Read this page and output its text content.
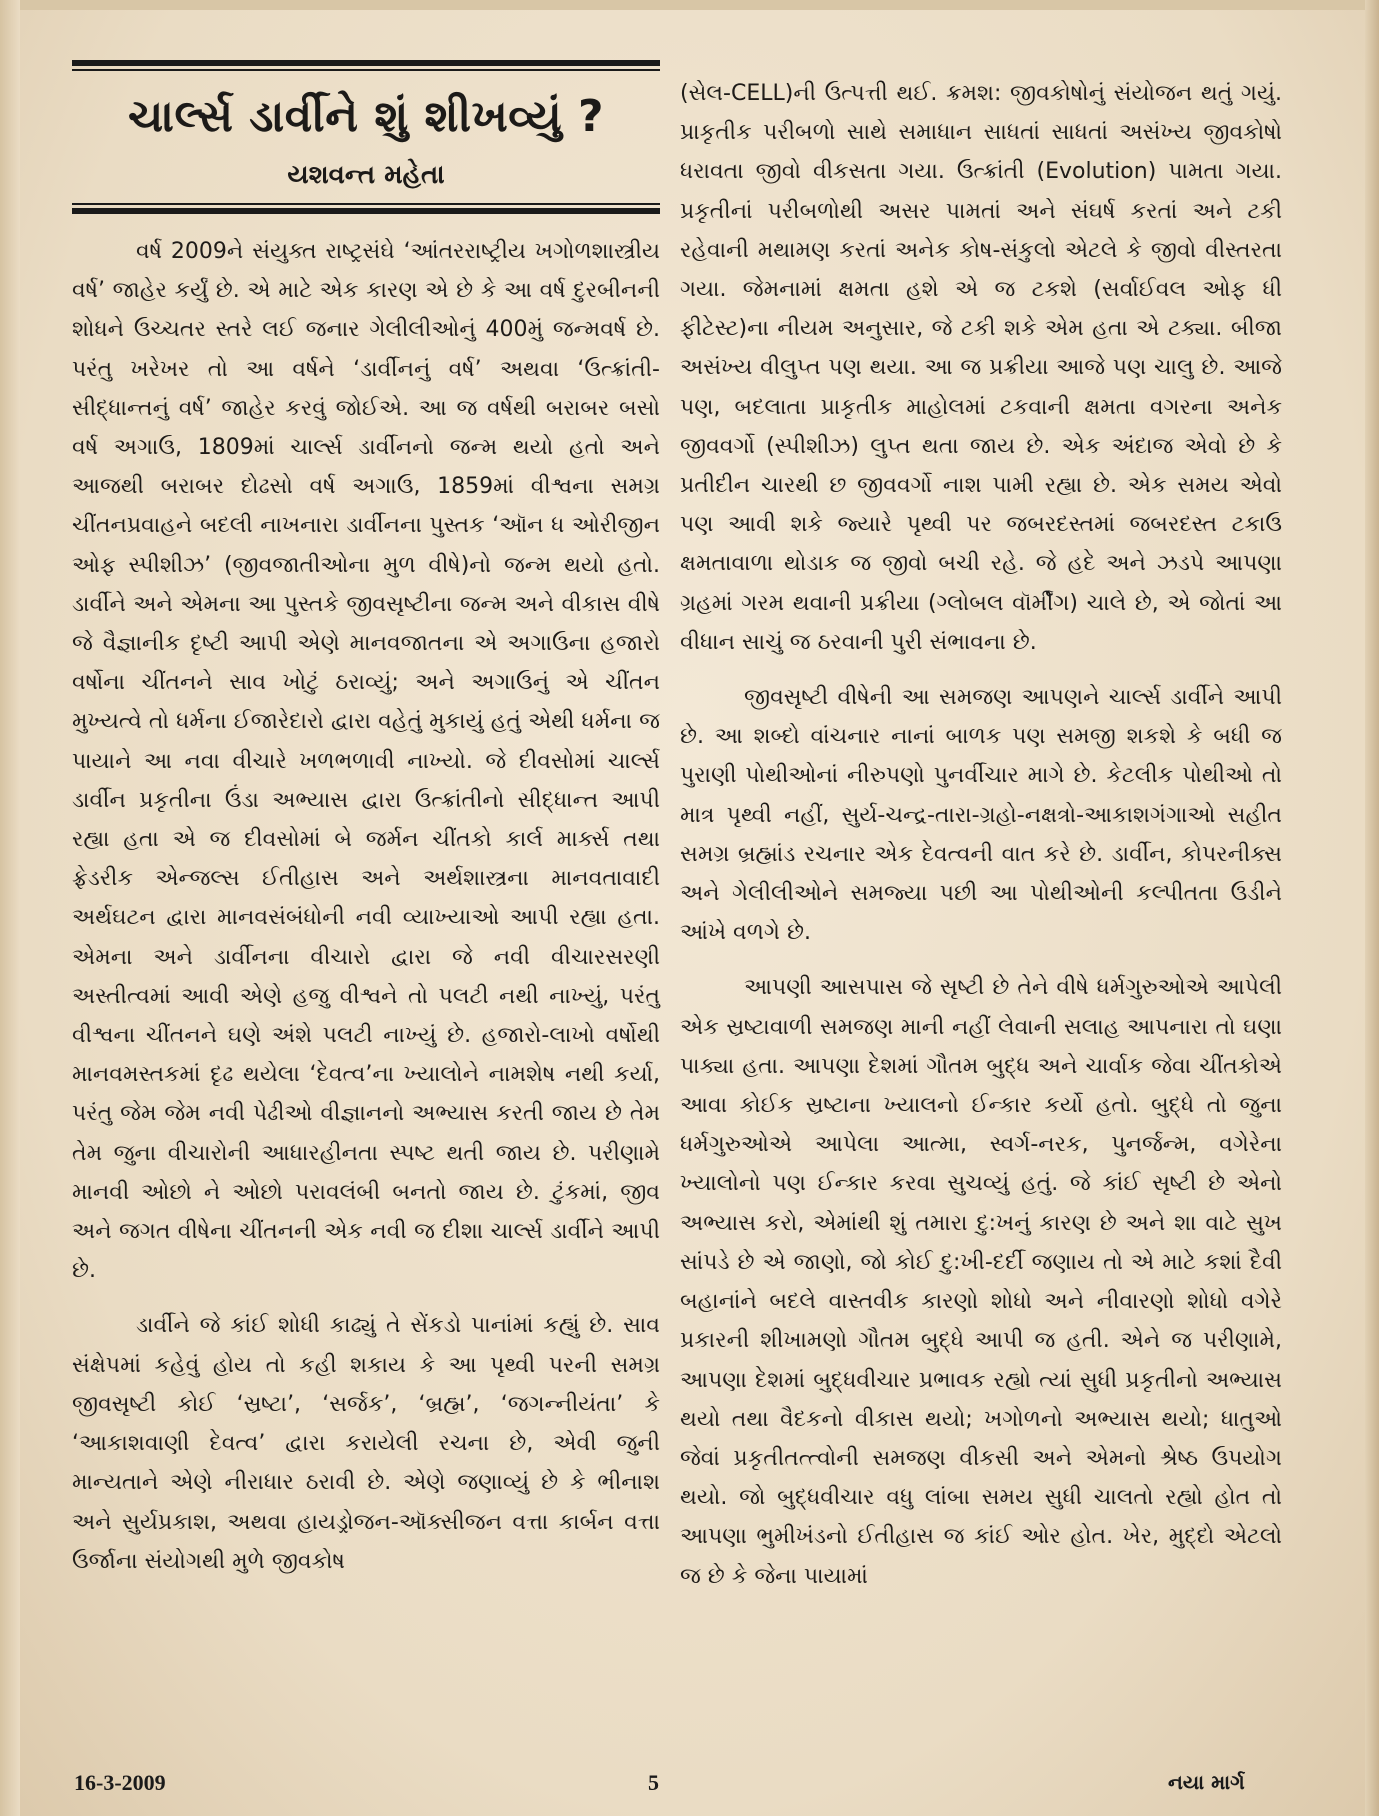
ચાર્લ્સ ડાર્વીને શું શીખવ્યું ?
યશવન્ત મહેતા

વર્ષ 2009ને સંયુક્ત રાષ્ટ્રસંઘે ‘આંતરરાષ્ટ્રીય ખગોળશાસ્ત્રીય વર્ષ’ જાહેર કર્યું છે. એ માટે એક કારણ એ છે કે આ વર્ષ દુરબીનની શોધને ઉચ્ચતર સ્તરે લઈ જનાર ગેલીલીઓનું 400મું જન્મવર્ષ છે. પરંતુ ખરેખર તો આ વર્ષને ‘ડાર્વીનનું વર્ષ’ અથવા ‘ઉત્ક્રાંતી-સીદ્ધાન્તનું વર્ષ’ જાહેર કરવું જોઈએ. આ જ વર્ષથી બરાબર બસો વર્ષ અગાઉ, 1809માં ચાર્લ્સ ડાર્વીનનો જન્મ થયો હતો અને આજથી બરાબર દોઢસો વર્ષ અગાઉ, 1859માં વીશ્વના સમગ્ર ચીંતનપ્રવાહને બદલી નાખનારા ડાર્વીનના પુસ્તક ‘ઑન ધ ઓરીજીન ઓફ સ્પીશીઝ’ (જીવજાતીઓના મુળ વીષે)નો જન્મ થયો હતો. ડાર્વીને અને એમના આ પુસ્તકે જીવસૃષ્ટીના જન્મ અને વીકાસ વીષે જે વૈજ્ઞાનીક દૃષ્ટી આપી એણે માનવજાતના એ અગાઉના હજારો વર્ષોના ચીંતનને સાવ ખોટું ઠરાવ્યું; અને અગાઉનું એ ચીંતન મુખ્યત્વે તો ધર્મના ઈજારેદારો દ્વારા વહેતું મુકાયું હતું એથી ધર્મના જ પાયાને આ નવા વીચારે ખળભળાવી નાખ્યો. જે દીવસોમાં ચાર્લ્સ ડાર્વીન પ્રકૃતીના ઉંડા અભ્યાસ દ્વારા ઉત્ક્રાંતીનો સીદ્ધાન્ત આપી રહ્યા હતા એ જ દીવસોમાં બે જર્મન ચીંતકો કાર્લ માર્ક્સ તથા ફ્રેડરીક એન્જલ્સ ઈતીહાસ અને અર્થશાસ્ત્રના માનવતાવાદી અર્થઘટન દ્વારા માનવસંબંધોની નવી વ્યાખ્યાઓ આપી રહ્યા હતા. એમના અને ડાર્વીનના વીચારો દ્વારા જે નવી વીચારસરણી અસ્તીત્વમાં આવી એણે હજુ વીશ્વને તો પલટી નથી નાખ્યું, પરંતુ વીશ્વના ચીંતનને ઘણે અંશે પલટી નાખ્યું છે. હજારો-લાખો વર્ષોથી માનવમસ્તકમાં દૃઢ થયેલા ‘દેવત્વ’ના ખ્યાલોને નામશેષ નથી કર્યા, પરંતુ જેમ જેમ નવી પેઢીઓ વીજ્ઞાનનો અભ્યાસ કરતી જાય છે તેમ તેમ જુના વીચારોની આધારહીનતા સ્પષ્ટ થતી જાય છે. પરીણામે માનવી ઓછો ને ઓછો પરાવલંબી બનતો જાય છે. ટુંકમાં, જીવ અને જગત વીષેના ચીંતનની એક નવી જ દીશા ચાર્લ્સ ડાર્વીને આપી છે.

ડાર્વીને જે કાંઈ શોધી કાઢ્યું તે સેંકડો પાનાંમાં કહ્યું છે. સાવ સંક્ષેપમાં કહેવું હોય તો કહી શકાય કે આ પૃથ્વી પરની સમગ્ર જીવસૃષ્ટી કોઈ ‘સ્રષ્ટા’, ‘સર્જક’, ‘બ્રહ્મ’, ‘જગન્નીયંતા’ કે ‘આકાશવાણી દેવત્વ’ દ્વારા કરાયેલી રચના છે, એવી જુની માન્યતાને એણે નીરાધાર ઠરાવી છે. એણે જણાવ્યું છે કે ભીનાશ અને સુર્યપ્રકાશ, અથવા હાયડ્રોજન-ઑક્સીજન વત્તા કાર્બન વત્તા ઉર્જાના સંયોગથી મુળે જીવકોષ

(સેલ-CELL)ની ઉત્પત્તી થઈ. ક્રમશ: જીવકોષોનું સંયોજન થતું ગયું. પ્રાકૃતીક પરીબળો સાથે સમાધાન સાધતાં સાધતાં અસંખ્ય જીવકોષો ધરાવતા જીવો વીકસતા ગયા. ઉત્ક્રાંતી (Evolution) પામતા ગયા. પ્રકૃતીનાં પરીબળોથી અસર પામતાં અને સંઘર્ષ કરતાં અને ટકી રહેવાની મથામણ કરતાં અનેક કોષ-સંકુલો એટલે કે જીવો વીસ્તરતા ગયા. જેમનામાં ક્ષમતા હશે એ જ ટકશે (સર્વાઈવલ ઓફ ધી ફીટેસ્ટ)ના નીયમ અનુસાર, જે ટકી શકે એમ હતા એ ટક્યા. બીજા અસંખ્ય વીલુપ્ત પણ થયા. આ જ પ્રક્રીયા આજે પણ ચાલુ છે. આજે પણ, બદલાતા પ્રાકૃતીક માહોલમાં ટકવાની ક્ષમતા વગરના અનેક જીવવર્ગો (સ્પીશીઝ) લુપ્ત થતા જાય છે. એક અંદાજ એવો છે કે પ્રતીદીન ચારથી છ જીવવર્ગો નાશ પામી રહ્યા છે. એક સમય એવો પણ આવી શકે જ્યારે પૃથ્વી પર જબરદસ્તમાં જબરદસ્ત ટકાઉ ક્ષમતાવાળા થોડાક જ જીવો બચી રહે. જે હદે અને ઝડપે આપણા ગ્રહમાં ગરમ થવાની પ્રક્રીયા (ગ્લોબલ વૉર્મીંગ) ચાલે છે, એ જોતાં આ વીધાન સાચું જ ઠરવાની પુરી સંભાવના છે.

જીવસૃષ્ટી વીષેની આ સમજણ આપણને ચાર્લ્સ ડાર્વીને આપી છે. આ શબ્દો વાંચનાર નાનાં બાળક પણ સમજી શકશે કે બધી જ પુરાણી પોથીઓનાં નીરુપણો પુનર્વીચાર માગે છે. કેટલીક પોથીઓ તો માત્ર પૃથ્વી નહીં, સુર્ય-ચન્દ્ર-તારા-ગ્રહો-નક્ષત્રો-આકાશગંગાઓ સહીત સમગ્ર બ્રહ્માંડ રચનાર એક દેવત્વની વાત કરે છે. ડાર્વીન, કોપરનીક્સ અને ગેલીલીઓને સમજ્યા પછી આ પોથીઓની કલ્પીતતા ઉડીને આંખે વળગે છે.

આપણી આસપાસ જે સૃષ્ટી છે તેને વીષે ધર્મગુરુઓએ આપેલી એક સ્રષ્ટાવાળી સમજણ માની નહીં લેવાની સલાહ આપનારા તો ઘણા પાક્યા હતા. આપણા દેશમાં ગૌતમ બુદ્ધ અને ચાર્વાક જેવા ચીંતકોએ આવા કોઈક સ્રષ્ટાના ખ્યાલનો ઈન્કાર કર્યો હતો. બુદ્ધે તો જુના ધર્મગુરુઓએ આપેલા આત્મા, સ્વર્ગ-નરક, પુનર્જન્મ, વગેરેના ખ્યાલોનો પણ ઈન્કાર કરવા સુચવ્યું હતું. જે કાંઈ સૃષ્ટી છે એનો અભ્યાસ કરો, એમાંથી શું તમારા દુ:ખનું કારણ છે અને શા વાટે સુખ સાંપડે છે એ જાણો, જો કોઈ દુ:ખી-દર્દી જણાય તો એ માટે કશાં દૈવી બહાનાંને બદલે વાસ્તવીક કારણો શોધો અને નીવારણો શોધો વગેરે પ્રકારની શીખામણો ગૌતમ બુદ્ધે આપી જ હતી. એને જ પરીણામે, આપણા દેશમાં બુદ્ધવીચાર પ્રભાવક રહ્યો ત્યાં સુધી પ્રકૃતીનો અભ્યાસ થયો તથા વૈદકનો વીકાસ થયો; ખગોળનો અભ્યાસ થયો; ધાતુઓ જેવાં પ્રકૃતીતત્ત્વોની સમજણ વીકસી અને એમનો શ્રેષ્ઠ ઉપયોગ થયો. જો બુદ્ધવીચાર વધુ લાંબા સમય સુધી ચાલતો રહ્યો હોત તો આપણા ભુમીખંડનો ઈતીહાસ જ કાંઈ ઓર હોત. ખેર, મુદ્દો એટલો જ છે કે જેના પાયામાં

16-3-2009	5	નયા માર્ગ
